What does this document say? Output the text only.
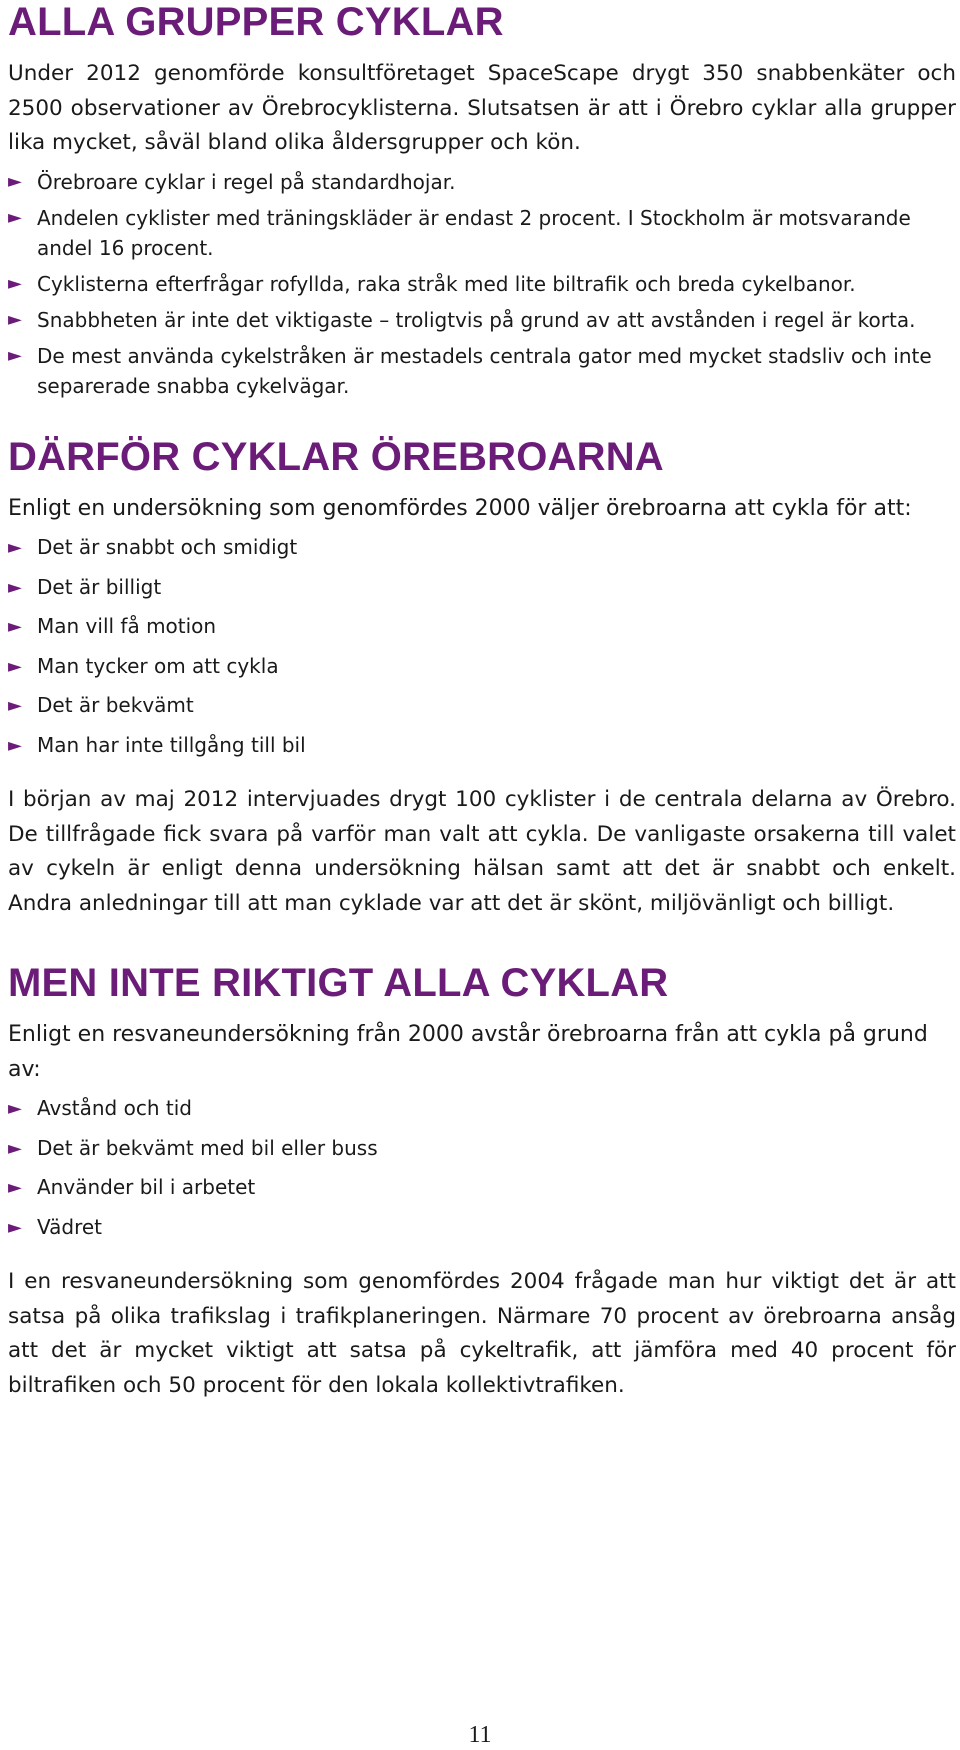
ALLA GRUPPER CYKLAR

Under 2012 genomförde konsultföretaget SpaceScape drygt 350 snabbenkäter och 2500 observationer av Örebrocyklisterna. Slutsatsen är att i Örebro cyklar alla grupper lika mycket, såväl bland olika åldersgrupper och kön.

► Örebroare cyklar i regel på standardhojar.
► Andelen cyklister med träningskläder är endast 2 procent. I Stockholm är motsvarande andel 16 procent.
► Cyklisterna efterfrågar rofyllda, raka stråk med lite biltrafik och breda cykelbanor.
► Snabbheten är inte det viktigaste – troligtvis på grund av att avstånden i regel är korta.
► De mest använda cykelstråken är mestadels centrala gator med mycket stadsliv och inte separerade snabba cykelvägar.
DÄRFÖR CYKLAR ÖREBROARNA

Enligt en undersökning som genomfördes 2000 väljer örebroarna att cykla för att:

► Det är snabbt och smidigt
► Det är billigt
► Man vill få motion
► Man tycker om att cykla
► Det är bekvämt
► Man har inte tillgång till bil

I början av maj 2012 intervjuades drygt 100 cyklister i de centrala delarna av Örebro. De tillfrågade fick svara på varför man valt att cykla. De vanligaste orsakerna till valet av cykeln är enligt denna undersökning hälsan samt att det är snabbt och enkelt. Andra anledningar till att man cyklade var att det är skönt, miljövänligt och billigt.

MEN INTE RIKTIGT ALLA CYKLAR

Enligt en resvaneundersökning från 2000 avstår örebroarna från att cykla på grund av:

► Avstånd och tid
► Det är bekvämt med bil eller buss
► Använder bil i arbetet
► Vädret

I en resvaneundersökning som genomfördes 2004 frågade man hur viktigt det är att satsa på olika trafikslag i trafikplaneringen. Närmare 70 procent av örebroarna ansåg att det är mycket viktigt att satsa på cykeltrafik, att jämföra med 40 procent för biltrafiken och 50 procent för den lokala kollektivtrafiken.

11
